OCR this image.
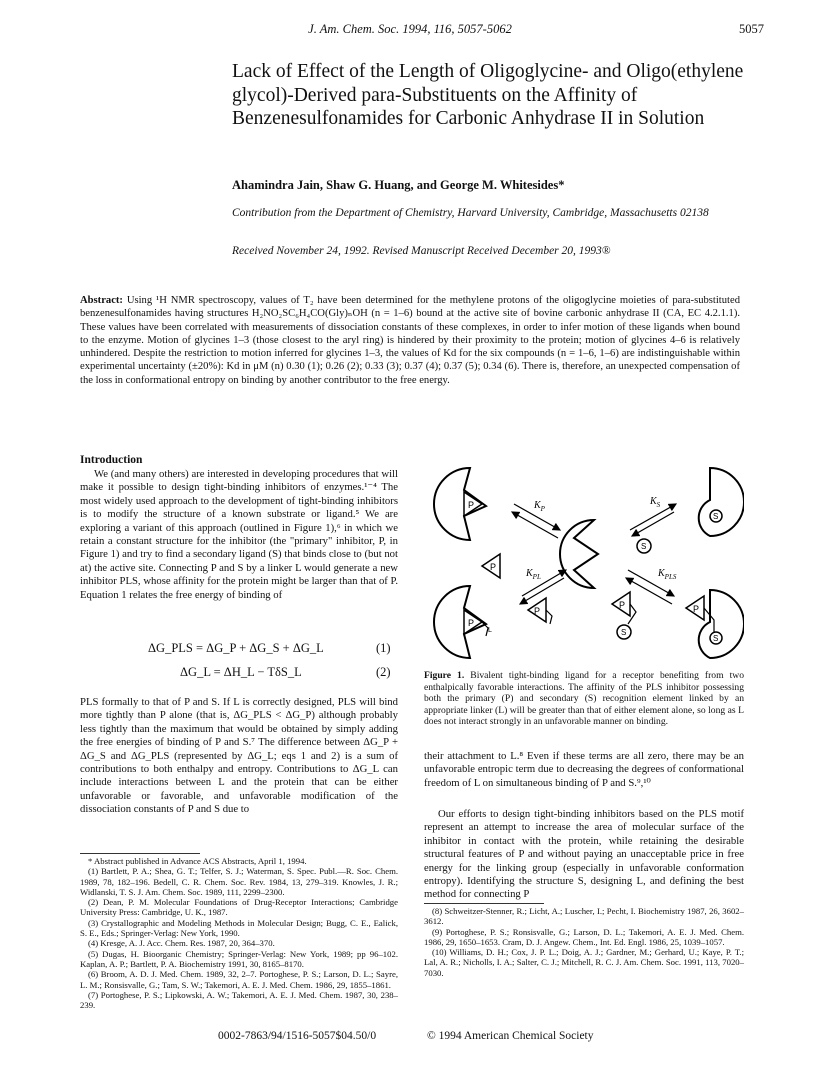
J. Am. Chem. Soc. 1994, 116, 5057-5062	5057
Lack of Effect of the Length of Oligoglycine- and Oligo(ethylene glycol)-Derived para-Substituents on the Affinity of Benzenesulfonamides for Carbonic Anhydrase II in Solution
Ahamindra Jain, Shaw G. Huang, and George M. Whitesides*
Contribution from the Department of Chemistry, Harvard University, Cambridge, Massachusetts 02138
Received November 24, 1992. Revised Manuscript Received December 20, 1993®
Abstract: Using ¹H NMR spectroscopy, values of T₂ have been determined for the methylene protons of the oligoglycine moieties of para-substituted benzenesulfonamides having structures H₂NO₂SC₆H₄CO(Gly)ₙOH (n = 1–6) bound at the active site of bovine carbonic anhydrase II (CA, EC 4.2.1.1). These values have been correlated with measurements of dissociation constants of these complexes, in order to infer motion of these ligands when bound to the enzyme. Motion of glycines 1–3 (those closest to the aryl ring) is hindered by their proximity to the protein; motion of glycines 4–6 is relatively unhindered. Despite the restriction to motion inferred for glycines 1–3, the values of Kd for the six compounds (n = 1–6, 1–6) are indistinguishable within experimental uncertainty (±20%): Kd in μM (n) 0.30 (1); 0.26 (2); 0.33 (3); 0.37 (4); 0.37 (5); 0.34 (6). There is, therefore, an unexpected compensation of the loss in conformational entropy on binding by another contributor to the free energy.
Introduction
We (and many others) are interested in developing procedures that will make it possible to design tight-binding inhibitors of enzymes.¹⁻⁴ The most widely used approach to the development of tight-binding inhibitors is to modify the structure of a known substrate or ligand.⁵ We are exploring a variant of this approach (outlined in Figure 1),⁶ in which we retain a constant structure for the inhibitor (the "primary" inhibitor, P, in Figure 1) and try to find a secondary ligand (S) that binds close to (but not at) the active site. Connecting P and S by a linker L would generate a new inhibitor PLS, whose affinity for the protein might be larger than that of P. Equation 1 relates the free energy of binding of
ΔG_PLS = ΔG_P + ΔG_S + ΔG_L	(1)
ΔG_L = ΔH_L − TδS_L	(2)
PLS formally to that of P and S. If L is correctly designed, PLS will bind more tightly than P alone (that is, ΔG_PLS < ΔG_P) although probably less tightly than the maximum that would be obtained by simply adding the free energies of binding of P and S.⁷ The difference between ΔG_P + ΔG_S and ΔG_PLS (represented by ΔG_L; eqs 1 and 2) is a sum of contributions to both enthalpy and entropy. Contributions to ΔG_L can include interactions between L and the protein that can be either unfavorable or favorable, and unfavorable modification of the dissociation constants of P and S due to
* Abstract published in Advance ACS Abstracts, April 1, 1994.
(1) Bartlett, P. A.; Shea, G. T.; Telfer, S. J.; Waterman, S. Spec. Publ.—R. Soc. Chem. 1989, 78, 182–196. Bedell, C. R. Chem. Soc. Rev. 1984, 13, 279–319. Knowles, J. R.; Widlanski, T. S. J. Am. Chem. Soc. 1989, 111, 2299–2300.
(2) Dean, P. M. Molecular Foundations of Drug-Receptor Interactions; Cambridge University Press: Cambridge, U. K., 1987.
(3) Crystallographic and Modeling Methods in Molecular Design; Bugg, C. E., Ealick, S. E., Eds.; Springer-Verlag: New York, 1990.
(4) Kresge, A. J. Acc. Chem. Res. 1987, 20, 364–370.
(5) Dugas, H. Bioorganic Chemistry; Springer-Verlag: New York, 1989; pp 96–102. Kaplan, A. P.; Bartlett, P. A. Biochemistry 1991, 30, 8165–8170.
(6) Broom, A. D. J. Med. Chem. 1989, 32, 2–7. Portoghese, P. S.; Larson, D. L.; Sayre, L. M.; Ronsisvalle, G.; Tam, S. W.; Takemori, A. E. J. Med. Chem. 1986, 29, 1855–1861.
(7) Portoghese, P. S.; Lipkowski, A. W.; Takemori, A. E. J. Med. Chem. 1987, 30, 238–239.
P
P
S
S
$K_P$
$K_S$
$K_{PL}$	$K_{PLS}$
P
L
P
S
P	P
S
Figure 1. Bivalent tight-binding ligand for a receptor benefiting from two enthalpically favorable interactions. The affinity of the PLS inhibitor possessing both the primary (P) and secondary (S) recognition element linked by an appropriate linker (L) will be greater than that of either element alone, so long as L does not interact strongly in an unfavorable manner on binding.
their attachment to L.⁸ Even if these terms are all zero, there may be an unfavorable entropic term due to decreasing the degrees of conformational freedom of L on simultaneous binding of P and S.⁹,¹⁰
Our efforts to design tight-binding inhibitors based on the PLS motif represent an attempt to increase the area of molecular surface of the inhibitor in contact with the protein, while retaining the desirable structural features of P and without paying an unacceptable price in free energy for the linking group (especially in unfavorable conformation entropy). Identifying the structure S, designing L, and defining the best method for connecting P
(8) Schweitzer-Stenner, R.; Licht, A.; Luscher, I.; Pecht, I. Biochemistry 1987, 26, 3602–3612.
(9) Portoghese, P. S.; Ronsisvalle, G.; Larson, D. L.; Takemori, A. E. J. Med. Chem. 1986, 29, 1650–1653. Cram, D. J. Angew. Chem., Int. Ed. Engl. 1986, 25, 1039–1057.
(10) Williams, D. H.; Cox, J. P. L.; Doig, A. J.; Gardner, M.; Gerhard, U.; Kaye, P. T.; Lal, A. R.; Nicholls, I. A.; Salter, C. J.; Mitchell, R. C. J. Am. Chem. Soc. 1991, 113, 7020–7030.
0002-7863/94/1516-5057$04.50/0	© 1994 American Chemical Society
